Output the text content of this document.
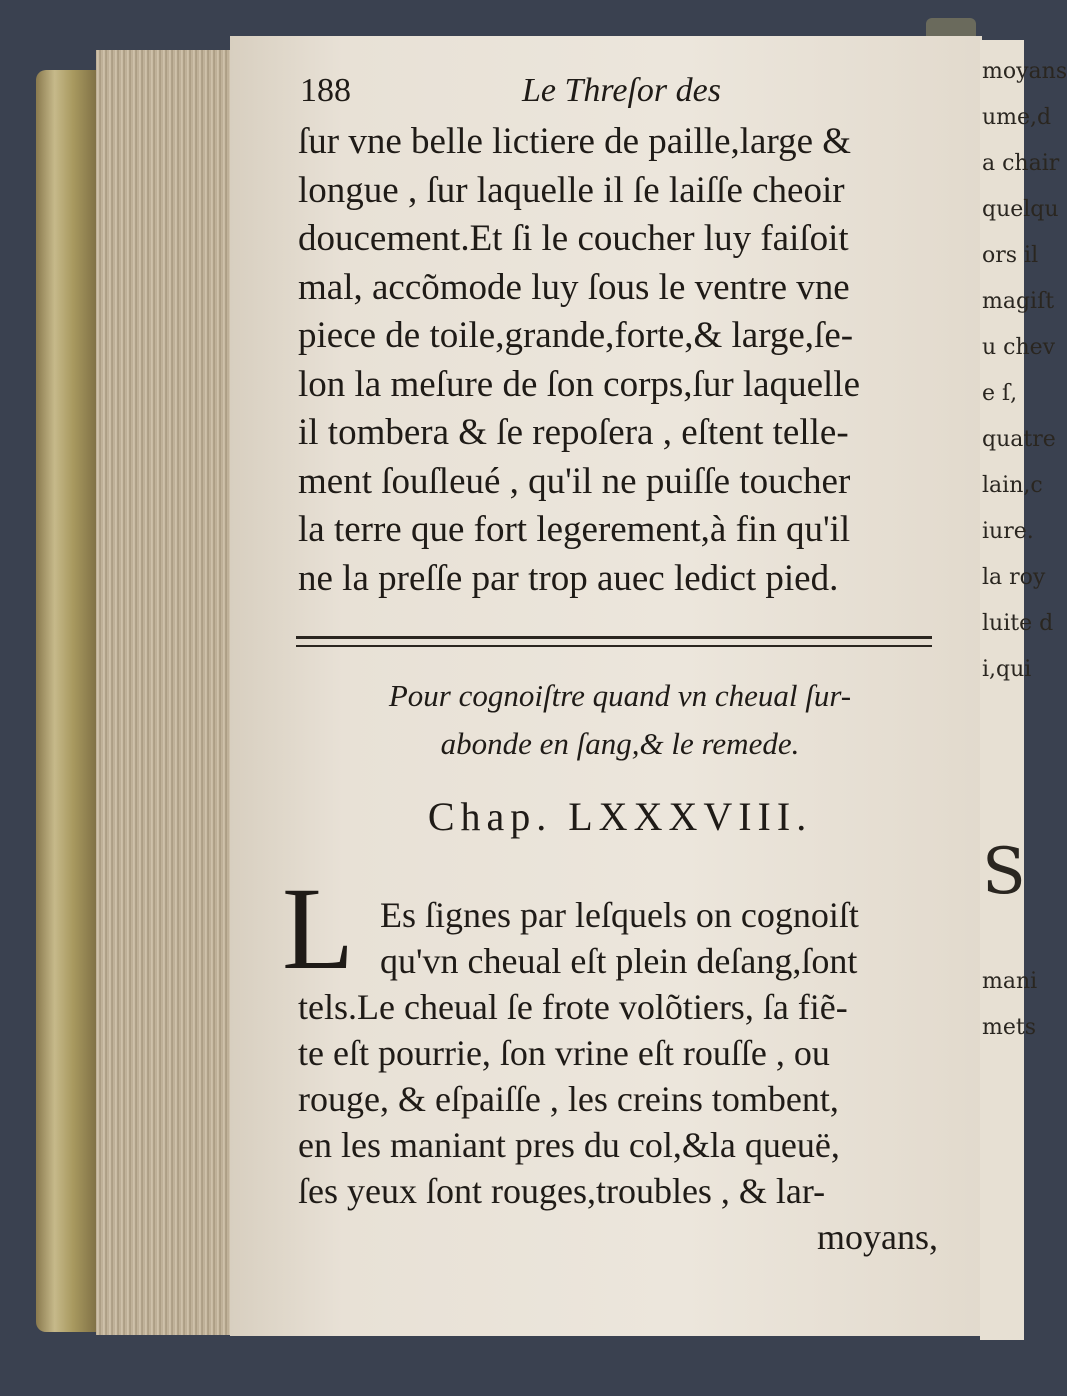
moyans
ume,d
a chair
quelqu
ors il
magiſt
u chev
e ſ,
quatre
lain,c
iure.
la roy
luite d
i,qui

S

mani
mets
188	Le Threſor des
ſur vne belle lictiere de paille,large &
longue , ſur laquelle il ſe laiſſe cheoir
doucement.Et ſi le coucher luy faiſoit
mal, accõmode luy ſous le ventre vne
piece de toile,grande,forte,& large,ſe-
lon la meſure de ſon corps,ſur laquelle
il tombera & ſe repoſera , eſtent telle-
ment ſouſleué , qu'il ne puiſſe toucher
la terre que fort legerement,à fin qu'il
ne la preſſe par trop auec ledict pied.
Pour cognoiſtre quand vn cheual ſur-
abonde en ſang,& le remede.
Chap. LXXXVIII.
L Es ſignes par leſquels on cognoiſt
qu'vn cheual eſt plein deſang,ſont
tels.Le cheual ſe frote volõtiers, ſa fiẽ-
te eſt pourrie, ſon vrine eſt rouſſe , ou
rouge, & eſpaiſſe , les creins tombent,
en les maniant pres du col,&la queuë,
ſes yeux ſont rouges,troubles , & lar-
moyans,
